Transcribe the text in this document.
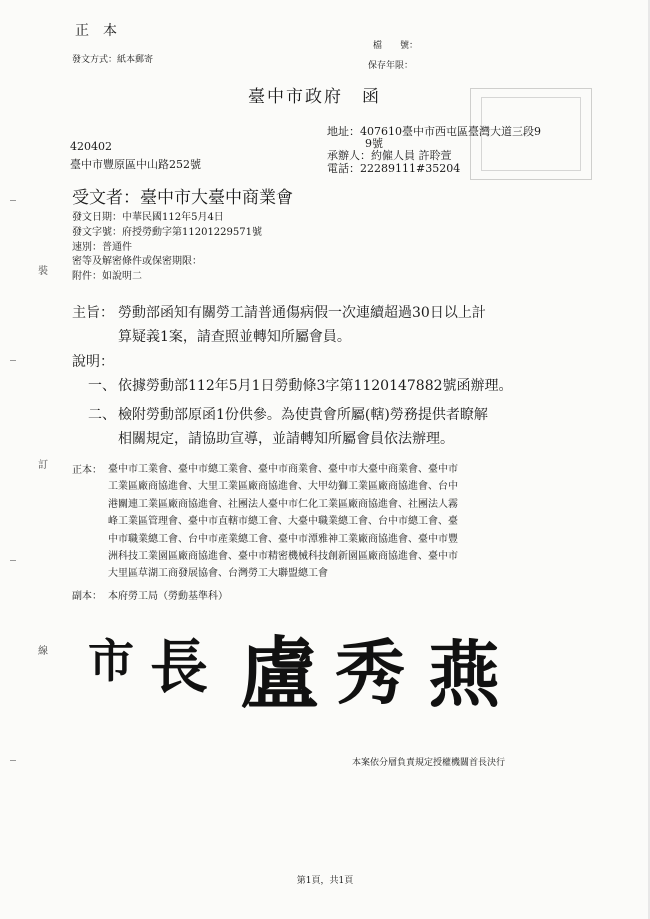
正　本
發文方式：紙本郵寄
檔　　號：
保存年限：
臺中市政府　函
420402
臺中市豐原區中山路252號
地址：407610臺中市西屯區臺灣大道三段9
9號
承辦人：約僱人員 許聆萱
電話：22289111#35204
受文者：臺中市大臺中商業會
發文日期：中華民國112年5月4日
發文字號：府授勞動字第11201229571號
速別：普通件
密等及解密條件或保密期限：
附件：如說明二
主旨： 勞動部函知有關勞工請普通傷病假一次連續超過30日以上計
算疑義1案，請查照並轉知所屬會員。
說明：
一、 依據勞動部112年5月1日勞動條3字第1120147882號函辦理。
二、 檢附勞動部原函1份供參。為使貴會所屬(轄)勞務提供者瞭解
相關規定，請協助宣導，並請轉知所屬會員依法辦理。
正本： 臺中市工業會、臺中市總工業會、臺中市商業會、臺中市大臺中商業會、臺中市
工業區廠商協進會、大里工業區廠商協進會、大甲幼獅工業區廠商協進會、台中
港關連工業區廠商協進會、社團法人臺中市仁化工業區廠商協進會、社團法人霧
峰工業區管理會、臺中市直轄市總工會、大臺中職業總工會、台中市總工會、臺
中市職業總工會、台中市產業總工會、臺中市潭雅神工業廠商協進會、臺中市豐
洲科技工業園區廠商協進會、臺中市精密機械科技創新園區廠商協進會、臺中市
大里區草湖工商發展協會、台灣勞工大聯盟總工會
副本： 本府勞工局（勞動基準科）
市 長 盧 秀 燕
本案依分層負責規定授權機關首長決行
第1頁，共1頁
裝
訂
線
